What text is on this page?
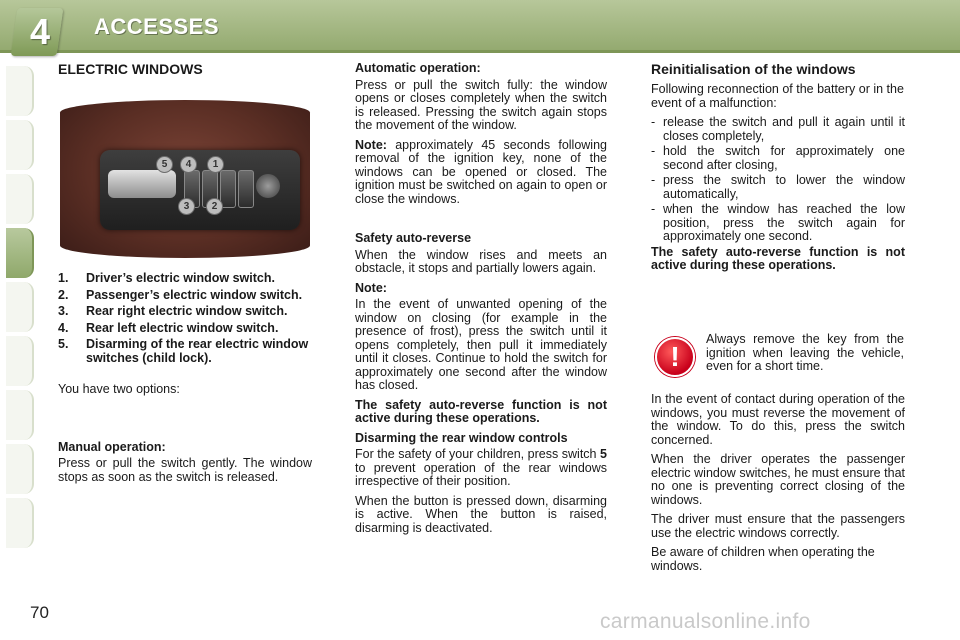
4	ACCESSES
ELECTRIC WINDOWS
5	4	1
3	2
1. Driver’s electric window switch.
2. Passenger’s electric window switch.
3. Rear right electric window switch.
4. Rear left electric window switch.
5. Disarming of the rear electric window switches (child lock).

You have two options:

Manual operation:

Press or pull the switch gently. The window stops as soon as the switch is released.

Automatic operation:

Press or pull the switch fully: the window opens or closes completely when the switch is released. Pressing the switch again stops the movement of the window.

Note: approximately 45 seconds following removal of the ignition key, none of the windows can be opened or closed. The ignition must be switched on again to open or close the windows.

Safety auto-reverse

When the window rises and meets an obstacle, it stops and partially lowers again.

Note:

In the event of unwanted opening of the window on closing (for example in the presence of frost), press the switch until it opens completely, then pull it immediately until it closes. Continue to hold the switch for approximately one second after the window has closed.

The safety auto-reverse function is not active during these operations.

Disarming the rear window controls

For the safety of your children, press switch 5 to prevent operation of the rear windows irrespective of their position.

When the button is pressed down, disarming is active. When the button is raised, disarming is deactivated.

Reinitialisation of the windows

Following reconnection of the battery or in the event of a malfunction:

- release the switch and pull it again until it closes completely,
- hold the switch for approximately one second after closing,
- press the switch to lower the window automatically,
- when the window has reached the low position, press the switch again for approximately one second.

The safety auto-reverse function is not active during these operations.

!
Always remove the key from the ignition when leaving the vehicle, even for a short time.

In the event of contact during operation of the windows, you must reverse the movement of the window. To do this, press the switch concerned.

When the driver operates the passenger electric window switches, he must ensure that no one is preventing correct closing of the windows.

The driver must ensure that the passengers use the electric windows correctly.

Be aware of children when operating the windows.

70	carmanualsonline.info
